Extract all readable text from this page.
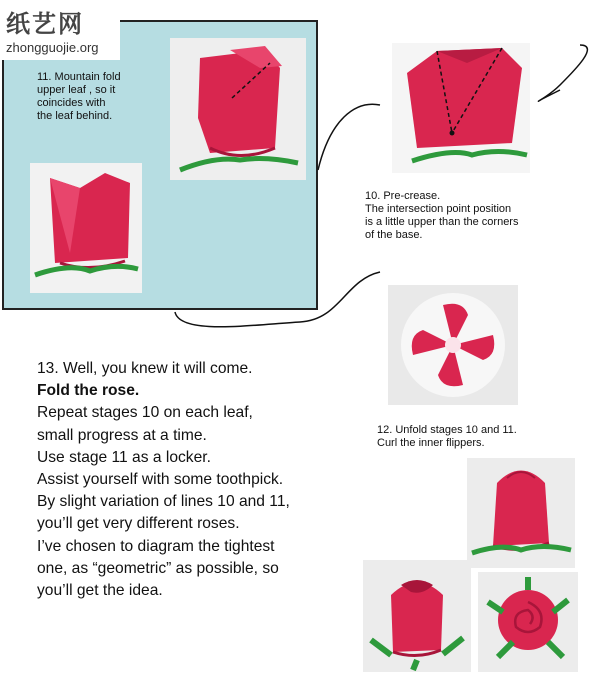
纸艺网
zhongguojie.org
11. Mountain fold
upper leaf , so it
coincides with
the leaf behind.
10. Pre-crease.
The intersection point position
is a little upper than the corners
of the base.
12. Unfold stages 10 and 11.
Curl the inner flippers.
13. Well, you knew it will come.
Fold the rose.
Repeat stages 10 on each leaf,
small progress at a time.
Use stage 11 as a locker.
Assist yourself with some toothpick.
By slight variation of lines 10 and 11,
you’ll get very different roses.
I’ve chosen to diagram the tightest
one, as “geometric” as possible, so
you’ll get the idea.
